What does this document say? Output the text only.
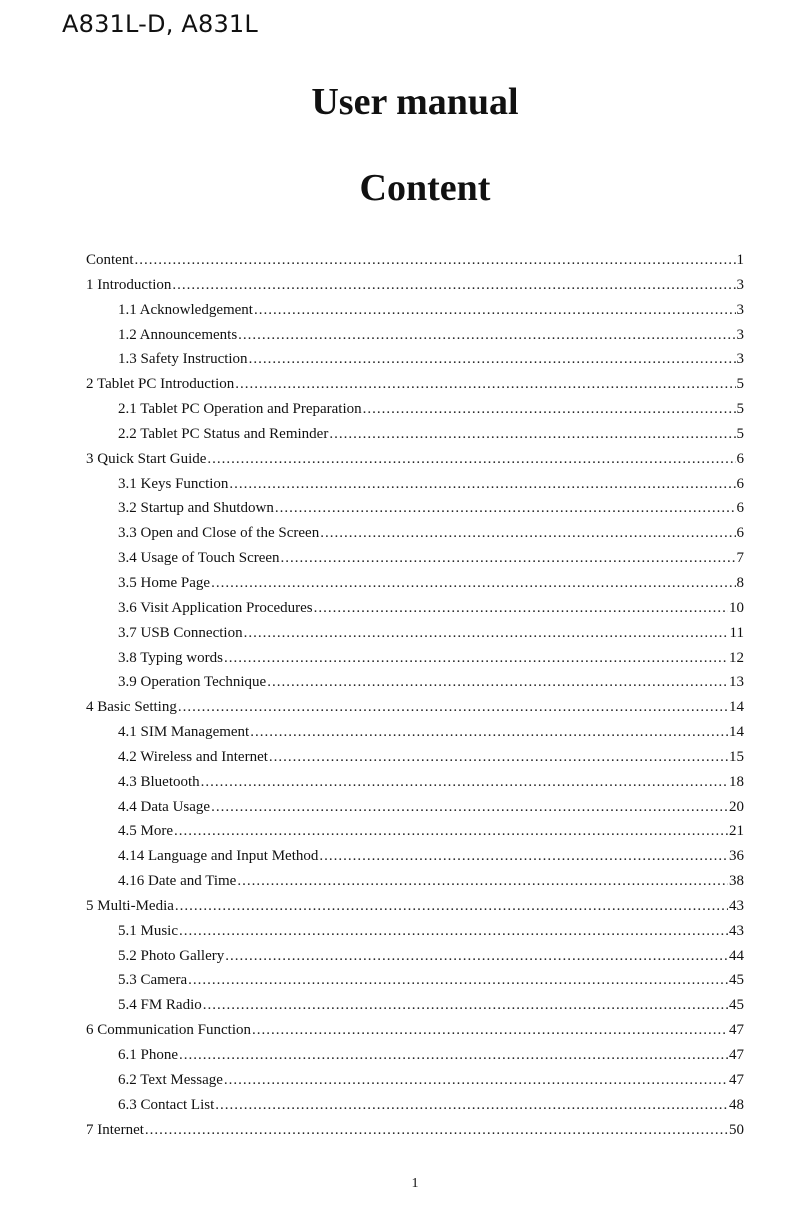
A831L-D, A831L
User manual
Content
Content .....	1
1 Introduction .....	3
1.1 Acknowledgement .....	3
1.2 Announcements .....	3
1.3 Safety Instruction .....	3
2 Tablet PC Introduction .....	5
2.1 Tablet PC Operation and Preparation .....	5
2.2 Tablet PC Status and Reminder .....	5
3 Quick Start Guide .....	6
3.1 Keys Function .....	6
3.2 Startup and Shutdown .....	6
3.3 Open and Close of the Screen .....	6
3.4 Usage of Touch Screen .....	7
3.5 Home Page .....	8
3.6 Visit Application Procedures .....	10
3.7 USB Connection .....	11
3.8 Typing words .....	12
3.9 Operation Technique .....	13
4 Basic Setting .....	14
4.1 SIM Management .....	14
4.2 Wireless and Internet .....	15
4.3 Bluetooth .....	18
4.4 Data Usage .....	20
4.5 More .....	21
4.14 Language and Input Method .....	36
4.16 Date and Time .....	38
5 Multi-Media .....	43
5.1 Music .....	43
5.2 Photo Gallery .....	44
5.3 Camera .....	45
5.4 FM Radio .....	45
6 Communication Function .....	47
6.1 Phone .....	47
6.2 Text Message .....	47
6.3 Contact List .....	48
7 Internet .....	50
1
